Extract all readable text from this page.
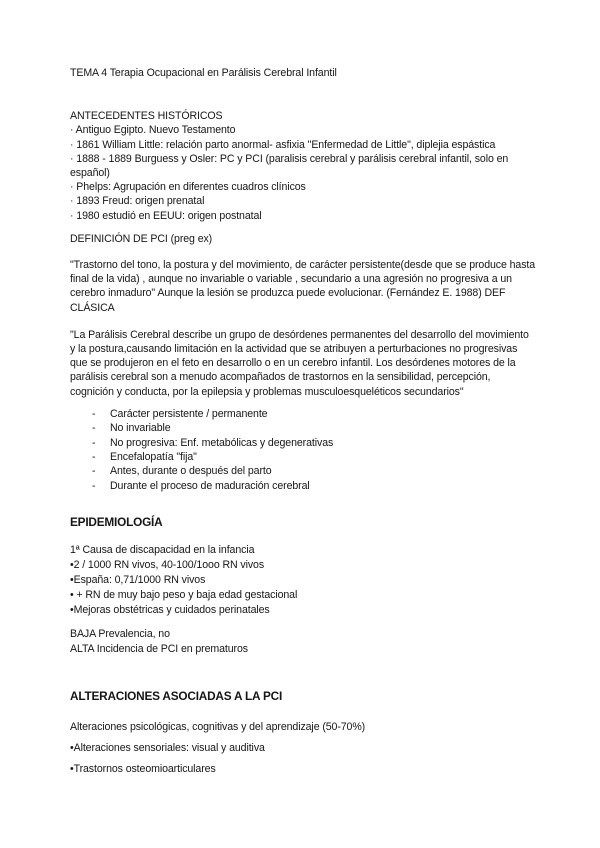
TEMA 4 Terapia Ocupacional en Parálisis Cerebral Infantil

ANTECEDENTES HISTÓRICOS

· Antiguo Egipto. Nuevo Testamento

· 1861 William Little: relación parto anormal- asfixia "Enfermedad de Little", diplejia espástica

· 1888 - 1889 Burguess y Osler: PC y PCI (paralisis cerebral y parálisis cerebral infantil, solo en español)

· Phelps: Agrupación en diferentes cuadros clínicos

· 1893 Freud: origen prenatal

· 1980 estudió en EEUU: origen postnatal

DEFINICIÓN DE PCI (preg ex)

"Trastorno del tono, la postura y del movimiento, de carácter persistente(desde que se produce hasta final de la vida) , aunque no invariable o variable , secundario a una agresión no progresiva a un cerebro inmaduro" Aunque la lesión se produzca puede evolucionar. (Fernández E. 1988) DEF CLÁSICA

"La Parálisis Cerebral describe un grupo de desórdenes permanentes del desarrollo del movimiento y la postura,causando limitación en la actividad que se atribuyen a perturbaciones no progresivas que se produjeron en el feto en desarrollo o en un cerebro infantil. Los desórdenes motores de la parálisis cerebral son a menudo acompañados de trastornos en la sensibilidad, percepción, cognición y conducta, por la epilepsia y problemas musculoesqueléticos secundarios"

-	Carácter persistente / permanente
-	No invariable
-	No progresiva: Enf. metabólicas y degenerativas
-	Encefalopatía "fija"
-	Antes, durante o después del parto
-	Durante el proceso de maduración cerebral

EPIDEMIOLOGÍA

1ª Causa de discapacidad en la infancia

•2 / 1000 RN vivos, 40-100/1ooo RN vivos

•España: 0,71/1000 RN vivos

• + RN de muy bajo peso y baja edad gestacional

•Mejoras obstétricas y cuidados perinatales

BAJA Prevalencia, no

ALTA Incidencia de PCI en prematuros

ALTERACIONES ASOCIADAS A LA PCI

Alteraciones psicológicas, cognitivas y del aprendizaje (50-70%)

•Alteraciones sensoriales: visual y auditiva

•Trastornos osteomioarticulares
